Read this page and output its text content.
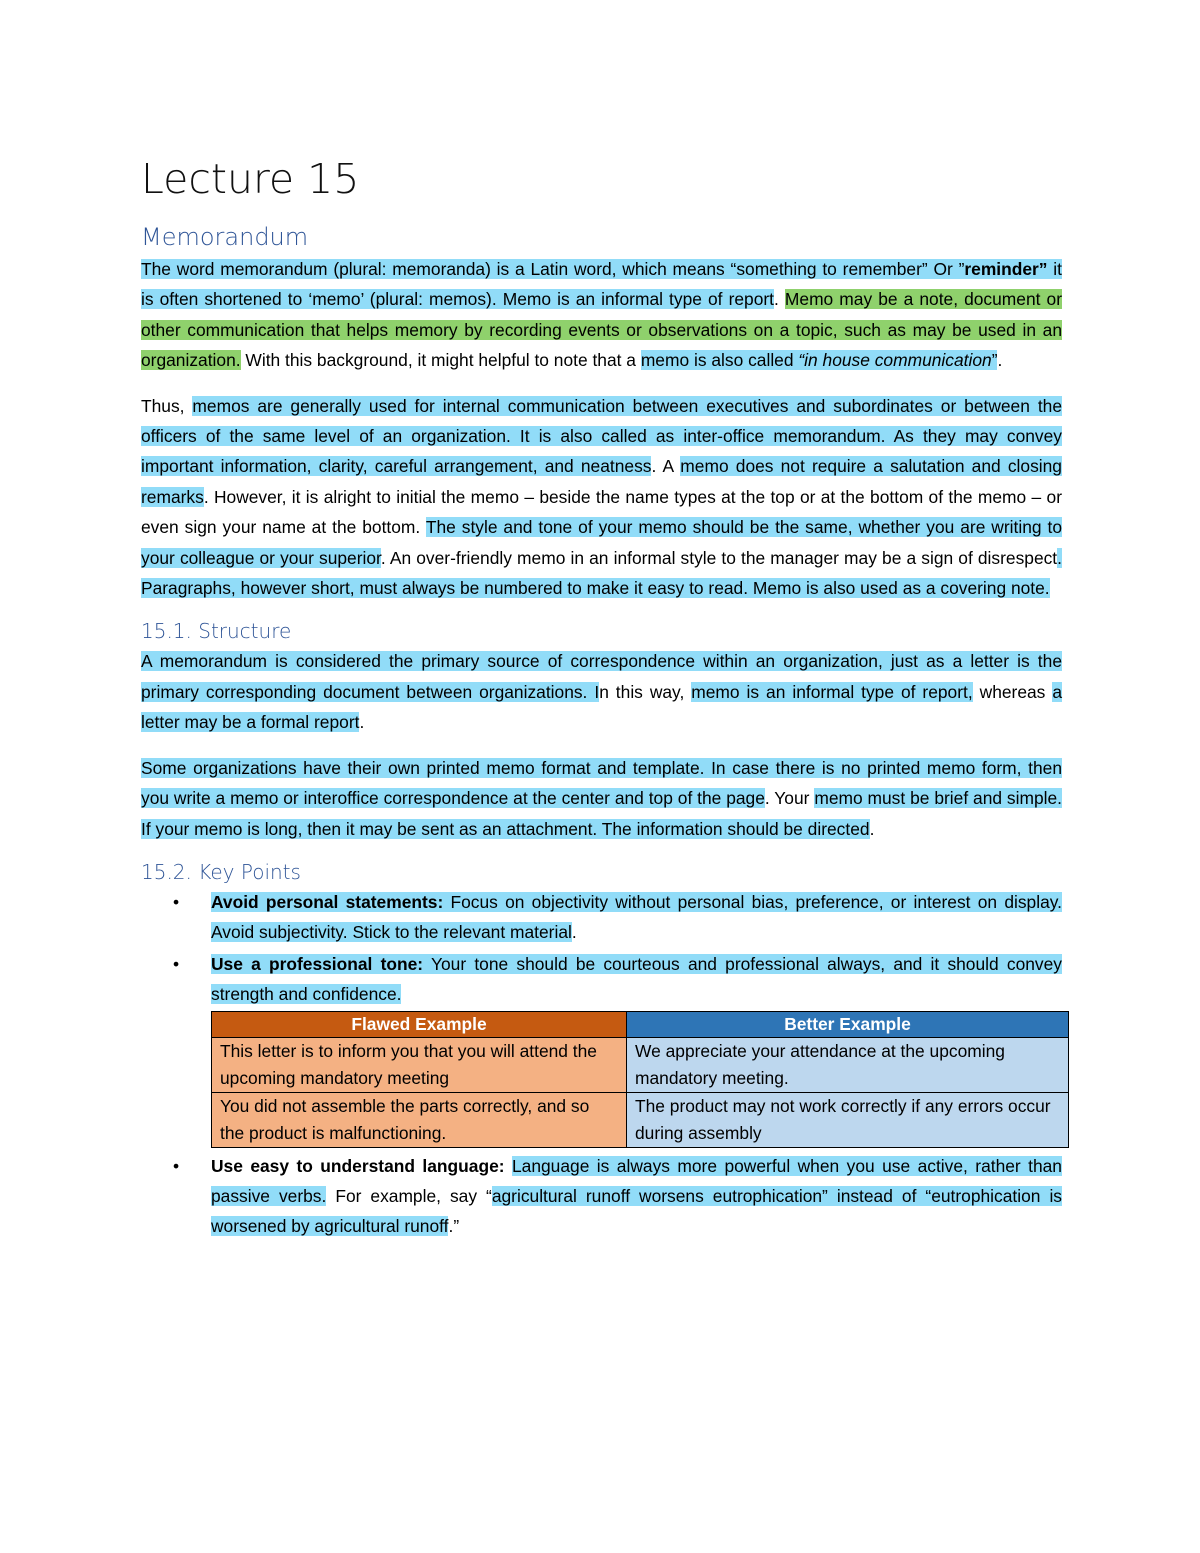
Lecture 15
Memorandum

The word memorandum (plural: memoranda) is a Latin word, which means “something to remember” Or ”reminder” it is often shortened to ‘memo’ (plural: memos). Memo is an informal type of report. Memo may be a note, document or other communication that helps memory by recording events or observations on a topic, such as may be used in an organization. With this background, it might helpful to note that a memo is also called “in house communication”.

Thus, memos are generally used for internal communication between executives and subordinates or between the officers of the same level of an organization. It is also called as inter-office memorandum. As they may convey important information, clarity, careful arrangement, and neatness. A memo does not require a salutation and closing remarks. However, it is alright to initial the memo – beside the name types at the top or at the bottom of the memo – or even sign your name at the bottom. The style and tone of your memo should be the same, whether you are writing to your colleague or your superior. An over-friendly memo in an informal style to the manager may be a sign of disrespect. Paragraphs, however short, must always be numbered to make it easy to read. Memo is also used as a covering note.

15.1. Structure

A memorandum is considered the primary source of correspondence within an organization, just as a letter is the primary corresponding document between organizations. In this way, memo is an informal type of report, whereas a letter may be a formal report.

Some organizations have their own printed memo format and template. In case there is no printed memo form, then you write a memo or interoffice correspondence at the center and top of the page. Your memo must be brief and simple. If your memo is long, then it may be sent as an attachment. The information should be directed.

15.2. Key Points
• Avoid personal statements: Focus on objectivity without personal bias, preference, or interest on display. Avoid subjectivity. Stick to the relevant material.
• Use a professional tone: Your tone should be courteous and professional always, and it should convey strength and confidence.
Flawed Example	Better Example
This letter is to inform you that you will attend the upcoming mandatory meeting	We appreciate your attendance at the upcoming mandatory meeting.
You did not assemble the parts correctly, and so the product is malfunctioning.	The product may not work correctly if any errors occur during assembly
• Use easy to understand language: Language is always more powerful when you use active, rather than passive verbs. For example, say “agricultural runoff worsens eutrophication” instead of “eutrophication is worsened by agricultural runoff.”
